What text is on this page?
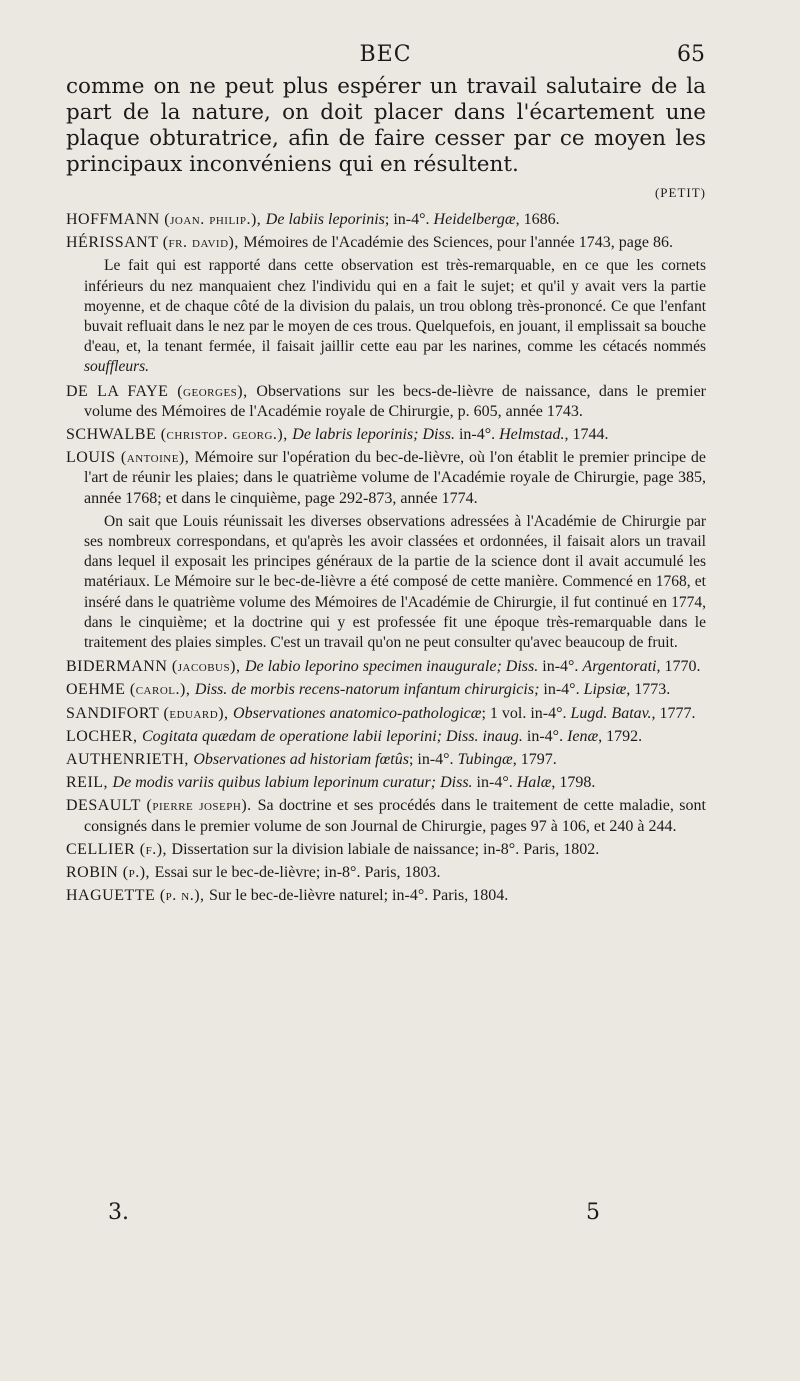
BEC	65

comme on ne peut plus espérer un travail salutaire de la part de la nature, on doit placer dans l'écartement une plaque obturatrice, afin de faire cesser par ce moyen les principaux inconvéniens qui en résultent.

(PETIT)

HOFFMANN (joan. philip.), De labiis leporinis; in-4°. Heidelbergæ, 1686.

HÉRISSANT (fr. david), Mémoires de l'Académie des Sciences, pour l'année 1743, page 86.

Le fait qui est rapporté dans cette observation est très-remarquable, en ce que les cornets inférieurs du nez manquaient chez l'individu qui en a fait le sujet; et qu'il y avait vers la partie moyenne, et de chaque côté de la division du palais, un trou oblong très-prononcé. Ce que l'enfant buvait refluait dans le nez par le moyen de ces trous. Quelquefois, en jouant, il emplissait sa bouche d'eau, et, la tenant fermée, il faisait jaillir cette eau par les narines, comme les cétacés nommés souffleurs.

DE LA FAYE (georges), Observations sur les becs-de-lièvre de naissance, dans le premier volume des Mémoires de l'Académie royale de Chirurgie, p. 605, année 1743.

SCHWALBE (christop. georg.), De labris leporinis; Diss. in-4°. Helmstad., 1744.

LOUIS (antoine), Mémoire sur l'opération du bec-de-lièvre, où l'on établit le premier principe de l'art de réunir les plaies; dans le quatrième volume de l'Académie royale de Chirurgie, page 385, année 1768; et dans le cinquième, page 292-873, année 1774.

On sait que Louis réunissait les diverses observations adressées à l'Académie de Chirurgie par ses nombreux correspondans, et qu'après les avoir classées et ordonnées, il faisait alors un travail dans lequel il exposait les principes généraux de la partie de la science dont il avait accumulé les matériaux. Le Mémoire sur le bec-de-lièvre a été composé de cette manière. Commencé en 1768, et inséré dans le quatrième volume des Mémoires de l'Académie de Chirurgie, il fut continué en 1774, dans le cinquième; et la doctrine qui y est professée fit une époque très-remarquable dans le traitement des plaies simples. C'est un travail qu'on ne peut consulter qu'avec beaucoup de fruit.

BIDERMANN (jacobus), De labio leporino specimen inaugurale; Diss. in-4°. Argentorati, 1770.

OEHME (carol.), Diss. de morbis recens-natorum infantum chirurgicis; in-4°. Lipsiæ, 1773.

SANDIFORT (eduard), Observationes anatomico-pathologicæ; 1 vol. in-4°. Lugd. Batav., 1777.

LOCHER, Cogitata quædam de operatione labii leporini; Diss. inaug. in-4°. Ienæ, 1792.

AUTHENRIETH, Observationes ad historiam fœtûs; in-4°. Tubingæ, 1797.

REIL, De modis variis quibus labium leporinum curatur; Diss. in-4°. Halæ, 1798.

DESAULT (pierre joseph). Sa doctrine et ses procédés dans le traitement de cette maladie, sont consignés dans le premier volume de son Journal de Chirurgie, pages 97 à 106, et 240 à 244.

CELLIER (f.), Dissertation sur la division labiale de naissance; in-8°. Paris, 1802.

ROBIN (p.), Essai sur le bec-de-lièvre; in-8°. Paris, 1803.

HAGUETTE (p. n.), Sur le bec-de-lièvre naturel; in-4°. Paris, 1804.

3.	5
